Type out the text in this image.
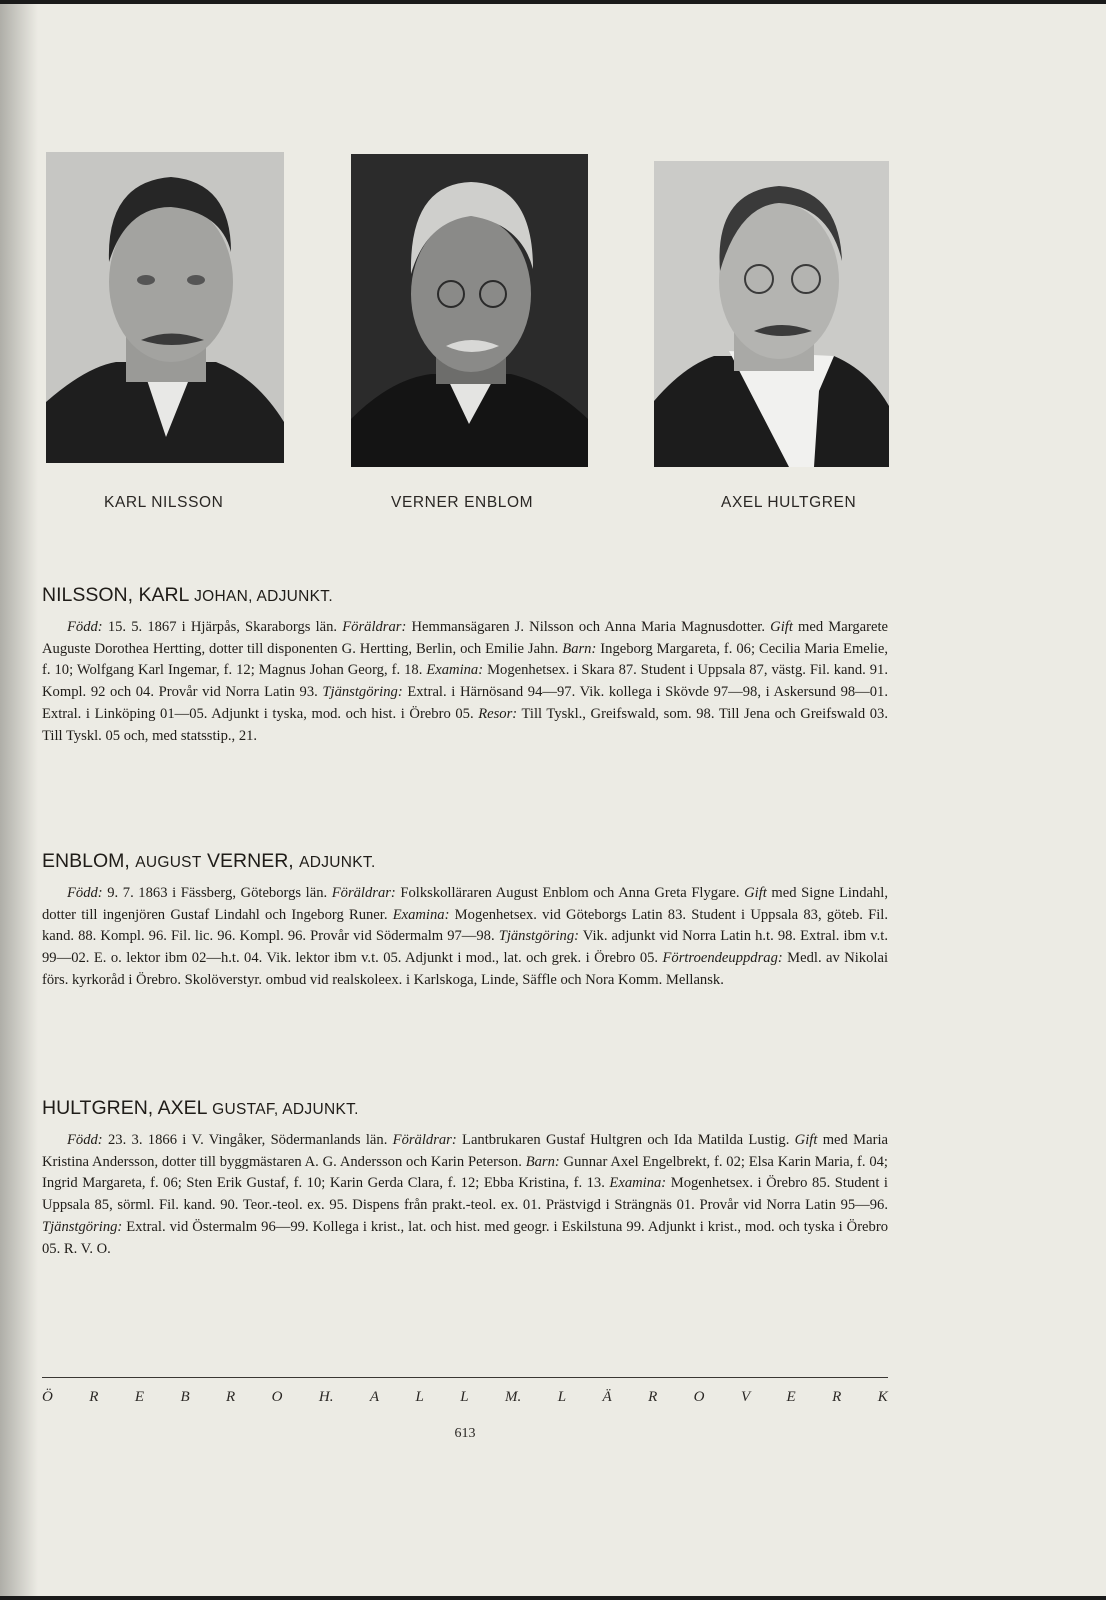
KARL NILSSON	VERNER ENBLOM	AXEL HULTGREN
NILSSON, KARL JOHAN, ADJUNKT.

Född: 15. 5. 1867 i Hjärpås, Skaraborgs län. Föräldrar: Hemmansägaren J. Nilsson och Anna Maria Magnusdotter. Gift med Margarete Auguste Dorothea Hertting, dotter till disponenten G. Hertting, Berlin, och Emilie Jahn. Barn: Ingeborg Margareta, f. 06; Cecilia Maria Emelie, f. 10; Wolfgang Karl Ingemar, f. 12; Magnus Johan Georg, f. 18. Examina: Mogenhetsex. i Skara 87. Student i Uppsala 87, västg. Fil. kand. 91. Kompl. 92 och 04. Provår vid Norra Latin 93. Tjänstgöring: Extral. i Härnösand 94—97. Vik. kollega i Skövde 97—98, i Askersund 98—01. Extral. i Linköping 01—05. Adjunkt i tyska, mod. och hist. i Örebro 05. Resor: Till Tyskl., Greifswald, som. 98. Till Jena och Greifswald 03. Till Tyskl. 05 och, med statsstip., 21.

ENBLOM, AUGUST VERNER, ADJUNKT.

Född: 9. 7. 1863 i Fässberg, Göteborgs län. Föräldrar: Folkskolläraren August Enblom och Anna Greta Flygare. Gift med Signe Lindahl, dotter till ingenjören Gustaf Lindahl och Ingeborg Runer. Examina: Mogenhetsex. vid Göteborgs Latin 83. Student i Uppsala 83, göteb. Fil. kand. 88. Kompl. 96. Fil. lic. 96. Kompl. 96. Provår vid Södermalm 97—98. Tjänstgöring: Vik. adjunkt vid Norra Latin h.t. 98. Extral. ibm v.t. 99—02. E. o. lektor ibm 02—h.t. 04. Vik. lektor ibm v.t. 05. Adjunkt i mod., lat. och grek. i Örebro 05. Förtroendeuppdrag: Medl. av Nikolai förs. kyrkoråd i Örebro. Skolöverstyr. ombud vid realskoleex. i Karlskoga, Linde, Säffle och Nora Komm. Mellansk.

HULTGREN, AXEL GUSTAF, ADJUNKT.

Född: 23. 3. 1866 i V. Vingåker, Södermanlands län. Föräldrar: Lantbrukaren Gustaf Hultgren och Ida Matilda Lustig. Gift med Maria Kristina Andersson, dotter till byggmästaren A. G. Andersson och Karin Peterson. Barn: Gunnar Axel Engelbrekt, f. 02; Elsa Karin Maria, f. 04; Ingrid Margareta, f. 06; Sten Erik Gustaf, f. 10; Karin Gerda Clara, f. 12; Ebba Kristina, f. 13. Examina: Mogenhetsex. i Örebro 85. Student i Uppsala 85, sörml. Fil. kand. 90. Teor.-teol. ex. 95. Dispens från prakt.-teol. ex. 01. Prästvigd i Strängnäs 01. Provår vid Norra Latin 95—96. Tjänstgöring: Extral. vid Östermalm 96—99. Kollega i krist., lat. och hist. med geogr. i Eskilstuna 99. Adjunkt i krist., mod. och tyska i Örebro 05. R. V. O.

Ö R E B R O H. A L L M. L Ä R O V E R K
613
